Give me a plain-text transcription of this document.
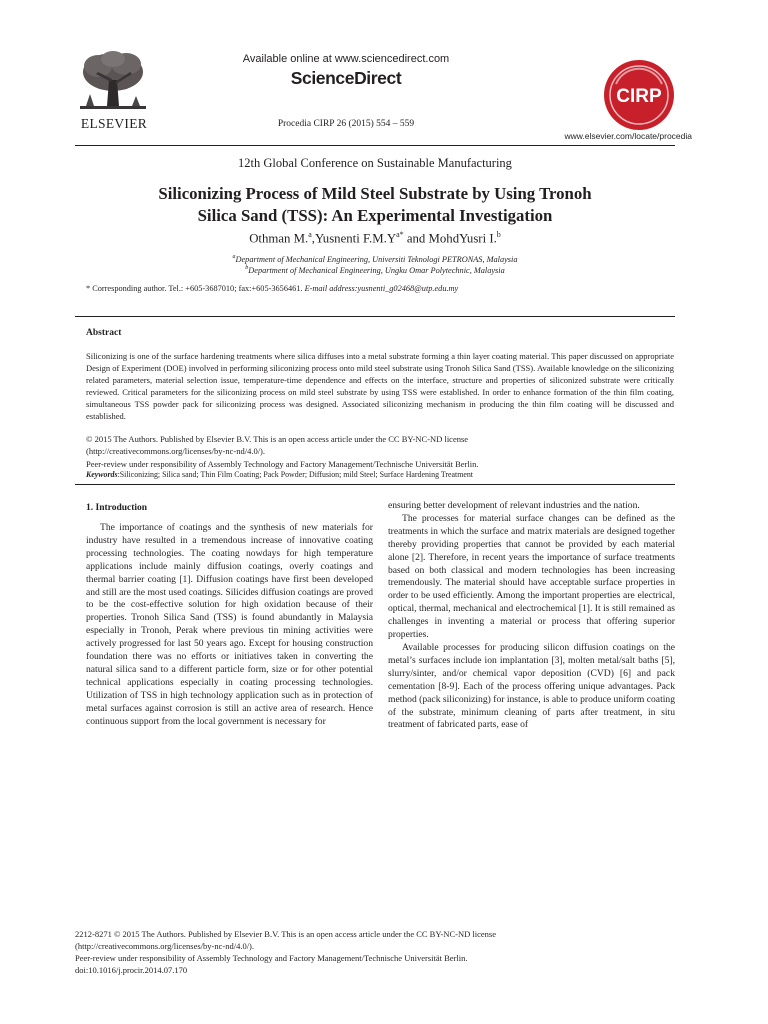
ELSEVIER
Available online at www.sciencedirect.com
ScienceDirect
Procedia CIRP 26 (2015) 554 – 559
CIRP
www.elsevier.com/locate/procedia
12th Global Conference on Sustainable Manufacturing
Siliconizing Process of Mild Steel Substrate by Using Tronoh
Silica Sand (TSS): An Experimental Investigation
Othman M.$^a$,Yusnenti $F.M.Y^{a*}$ and MohdYusri I.$^b$
$^a$Department of Mechanical Engineering, Universiti Teknologi PETRONAS, Malaysia
$^b$Department of Mechanical Engineering, Ungku Omar Polytechnic, Malaysia
* Corresponding author. Tel.: +605-3687010; fax:+605-3656461. E-mail address:yusnenti_g02468@utp.edu.my
Abstract
Siliconizing is one of the surface hardening treatments where silica diffuses into a metal substrate forming a thin layer coating material. This paper discussed on appropriate Design of Experiment (DOE) involved in performing siliconizing process onto mild steel substrate using Tronoh Silica Sand (TSS). Available knowledge on the siliconizing related parameters, material selection issue, temperature-time dependence and effects on the interface, structure and properties of siliconized substrate were critically reviewed. Critical parameters for the siliconizing process on mild steel substrate by using TSS were established. In order to enhance formation of the thin film coating, simultaneous TSS powder pack for siliconizing process was designed. Associated siliconizing mechanism in producing the thin film coating will be discussed and established.
© 2015 The Authors. Published by Elsevier B.V. This is an open access article under the CC BY-NC-ND license
(http://creativecommons.org/licenses/by-nc-nd/4.0/).
Peer-review under responsibility of Assembly Technology and Factory Management/Technische Universität Berlin.
Keywords:Siliconizing; Silica sand; Thin Film Coating; Pack Powder; Diffusion; mild Steel; Surface Hardening Treatment
1. Introduction

The importance of coatings and the synthesis of new materials for industry have resulted in a tremendous increase of innovative coating processing technologies. The coating nowdays for high temperature applications include mainly diffusion coatings, overly coatings and thermal barrier coating [1]. Diffusion coatings have first been developed and still are the most used coatings. Silicides diffusion coatings are proved to be the cost-effective solution for high oxidation because of their properties. Tronoh Silica Sand (TSS) is found abundantly in Malaysia especially in Tronoh, Perak where previous tin mining activities were actively progressed for last 50 years ago. Except for housing construction foundation there was no efforts or initiatives taken in converting the natural silica sand to a different particle form, size or for other potential technical applications especially in coating processing technologies. Utilization of TSS in high technology application such as in protection of metal surfaces against corrosion is still an active area of research. Hence continuous support from the local government is necessary for

ensuring better development of relevant industries and the nation.

The processes for material surface changes can be defined as the treatments in which the surface and matrix materials are designed together thereby providing properties that cannot be provided by each material alone [2]. Therefore, in recent years the importance of surface treatments based on both classical and modern technologies has been increasing tremendously. The material should have acceptable surface properties in order to be used efficiently. Among the important properties are electrical, optical, thermal, mechanical and electrochemical [1]. It is still remained as challenges in inventing a material or process that offering superior properties.

Available processes for producing silicon diffusion coatings on the metal’s surfaces include ion implantation [3], molten metal/salt baths [5], slurry/sinter, and/or chemical vapor deposition (CVD) [6] and pack cementation [8-9]. Each of the process offering unique advantages. Pack method (pack siliconizing) for instance, is able to produce uniform coating of the substrate, minimum cleaning of parts after treatment, in situ treatment of fabricated parts, ease of

2212-8271 © 2015 The Authors. Published by Elsevier B.V. This is an open access article under the CC BY-NC-ND license
(http://creativecommons.org/licenses/by-nc-nd/4.0/).
Peer-review under responsibility of Assembly Technology and Factory Management/Technische Universität Berlin.
doi:10.1016/j.procir.2014.07.170
